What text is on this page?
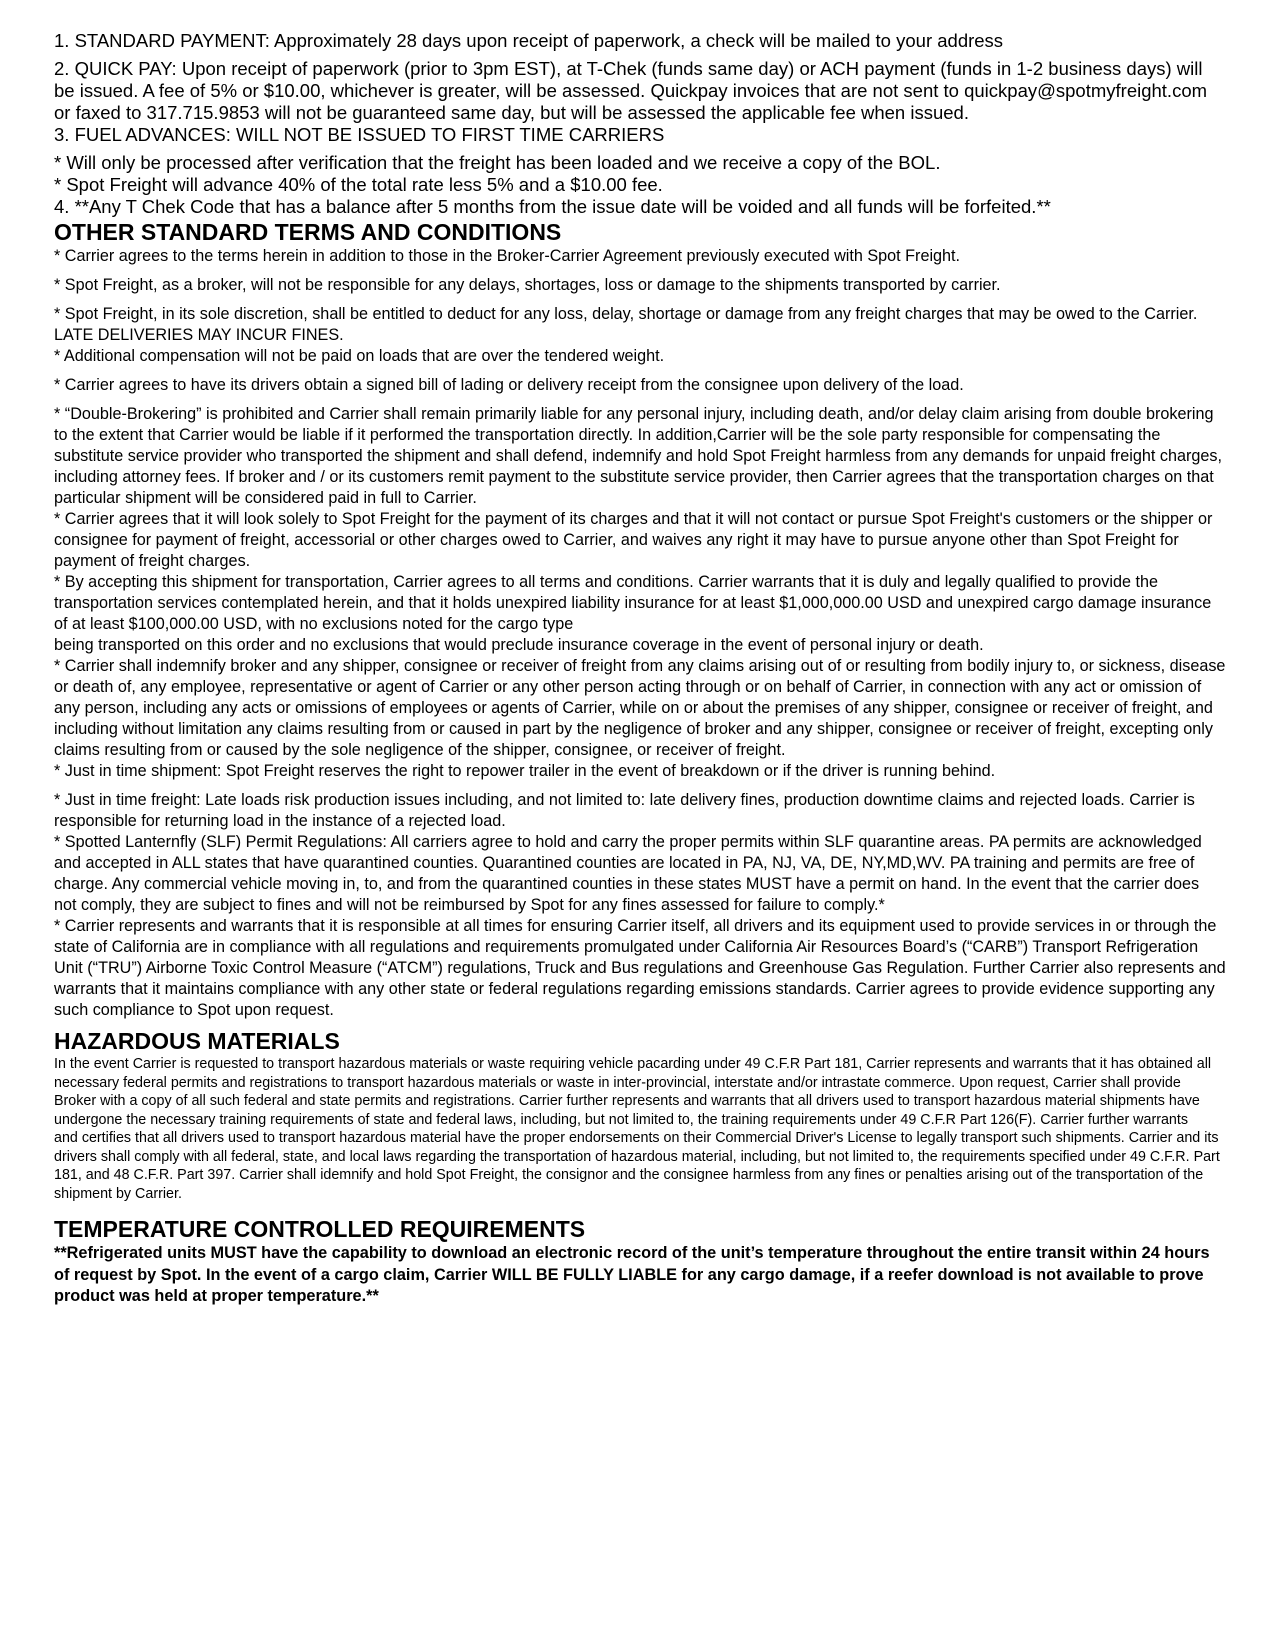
1. STANDARD PAYMENT: Approximately 28 days upon receipt of paperwork, a check will be mailed to your address

2. QUICK PAY: Upon receipt of paperwork (prior to 3pm EST), at T-Chek (funds same day) or ACH payment (funds in 1-2 business days) will be issued. A fee of 5% or $10.00, whichever is greater, will be assessed. Quickpay invoices that are not sent to quickpay@spotmyfreight.com or faxed to 317.715.9853 will not be guaranteed same day, but will be assessed the applicable fee when issued.

3. FUEL ADVANCES: WILL NOT BE ISSUED TO FIRST TIME CARRIERS

* Will only be processed after verification that the freight has been loaded and we receive a copy of the BOL.

* Spot Freight will advance 40% of the total rate less 5% and a $10.00 fee.

4. **Any T Chek Code that has a balance after 5 months from the issue date will be voided and all funds will be forfeited.**

OTHER STANDARD TERMS AND CONDITIONS

* Carrier agrees to the terms herein in addition to those in the Broker-Carrier Agreement previously executed with Spot Freight.

* Spot Freight, as a broker, will not be responsible for any delays, shortages, loss or damage to the shipments transported by carrier.

* Spot Freight, in its sole discretion, shall be entitled to deduct for any loss, delay, shortage or damage from any freight charges that may be owed to the Carrier. LATE DELIVERIES MAY INCUR FINES.

* Additional compensation will not be paid on loads that are over the tendered weight.

* Carrier agrees to have its drivers obtain a signed bill of lading or delivery receipt from the consignee upon delivery of the load.

* “Double-Brokering” is prohibited and Carrier shall remain primarily liable for any personal injury, including death, and/or delay claim arising from double brokering to the extent that Carrier would be liable if it performed the transportation directly. In addition,Carrier will be the sole party responsible for compensating the substitute service provider who transported the shipment and shall defend, indemnify and hold Spot Freight harmless from any demands for unpaid freight charges, including attorney fees. If broker and / or its customers remit payment to the substitute service provider, then Carrier agrees that the transportation charges on that particular shipment will be considered paid in full to Carrier.

* Carrier agrees that it will look solely to Spot Freight for the payment of its charges and that it will not contact or pursue Spot Freight's customers or the shipper or consignee for payment of freight, accessorial or other charges owed to Carrier, and waives any right it may have to pursue anyone other than Spot Freight for payment of freight charges.

* By accepting this shipment for transportation, Carrier agrees to all terms and conditions. Carrier warrants that it is duly and legally qualified to provide the transportation services contemplated herein, and that it holds unexpired liability insurance for at least $1,000,000.00 USD and unexpired cargo damage insurance of at least $100,000.00 USD, with no exclusions noted for the cargo type

being transported on this order and no exclusions that would preclude insurance coverage in the event of personal injury or death.

* Carrier shall indemnify broker and any shipper, consignee or receiver of freight from any claims arising out of or resulting from bodily injury to, or sickness, disease or death of, any employee, representative or agent of Carrier or any other person acting through or on behalf of Carrier, in connection with any act or omission of any person, including any acts or omissions of employees or agents of Carrier, while on or about the premises of any shipper, consignee or receiver of freight, and including without limitation any claims resulting from or caused in part by the negligence of broker and any shipper, consignee or receiver of freight, excepting only claims resulting from or caused by the sole negligence of the shipper, consignee, or receiver of freight.

* Just in time shipment: Spot Freight reserves the right to repower trailer in the event of breakdown or if the driver is running behind.

* Just in time freight: Late loads risk production issues including, and not limited to: late delivery fines, production downtime claims and rejected loads. Carrier is responsible for returning load in the instance of a rejected load.

* Spotted Lanternfly (SLF) Permit Regulations: All carriers agree to hold and carry the proper permits within SLF quarantine areas. PA permits are acknowledged and accepted in ALL states that have quarantined counties. Quarantined counties are located in PA, NJ, VA, DE, NY,MD,WV. PA training and permits are free of charge. Any commercial vehicle moving in, to, and from the quarantined counties in these states MUST have a permit on hand. In the event that the carrier does not comply, they are subject to fines and will not be reimbursed by Spot for any fines assessed for failure to comply.*

* Carrier represents and warrants that it is responsible at all times for ensuring Carrier itself, all drivers and its equipment used to provide services in or through the state of California are in compliance with all regulations and requirements promulgated under California Air Resources Board’s (“CARB”) Transport Refrigeration Unit (“TRU”) Airborne Toxic Control Measure (“ATCM”) regulations, Truck and Bus regulations and Greenhouse Gas Regulation. Further Carrier also represents and warrants that it maintains compliance with any other state or federal regulations regarding emissions standards. Carrier agrees to provide evidence supporting any such compliance to Spot upon request.

HAZARDOUS MATERIALS

In the event Carrier is requested to transport hazardous materials or waste requiring vehicle pacarding under 49 C.F.R Part 181, Carrier represents and warrants that it has obtained all necessary federal permits and registrations to transport hazardous materials or waste in inter-provincial, interstate and/or intrastate commerce. Upon request, Carrier shall provide Broker with a copy of all such federal and state permits and registrations. Carrier further represents and warrants that all drivers used to transport hazardous material shipments have undergone the necessary training requirements of state and federal laws, including, but not limited to, the training requirements under 49 C.F.R Part 126(F). Carrier further warrants

and certifies that all drivers used to transport hazardous material have the proper endorsements on their Commercial Driver's License to legally transport such shipments. Carrier and its drivers shall comply with all federal, state, and local laws regarding the transportation of hazardous material, including, but not limited to, the requirements specified under 49 C.F.R. Part 181, and 48 C.F.R. Part 397. Carrier shall idemnify and hold Spot Freight, the consignor and the consignee harmless from any fines or penalties arising out of the transportation of the shipment by Carrier.

TEMPERATURE CONTROLLED REQUIREMENTS

**Refrigerated units MUST have the capability to download an electronic record of the unit’s temperature throughout the entire transit within 24 hours of request by Spot. In the event of a cargo claim, Carrier WILL BE FULLY LIABLE for any cargo damage, if a reefer download is not available to prove product was held at proper temperature.**
